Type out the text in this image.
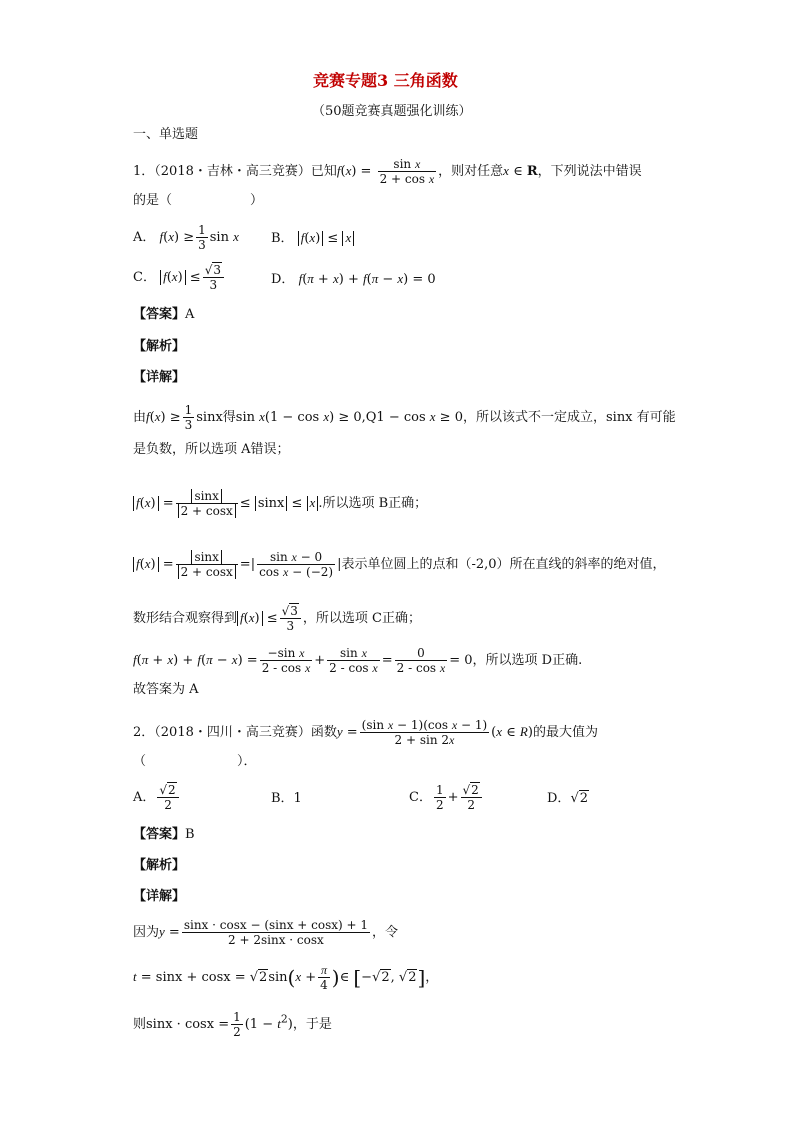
竞赛专题3 三角函数
（50题竞赛真题强化训练）
一、单选题
1．（2018・吉林・高三竞赛）已知$f(x) = \frac{\text{sin x}}{\text{2 + cos x}}$ ，则对任意x ∈ R，下列说法中错误
的是（　　　　　　）
A． $f(x) \ge \frac{1}{3}$ sin x B． f(x) ≤ x
C． $f(x) \le \frac{√3}{3}$	D． f(π + x) + f(π − x) = 0
【答案】A
【解析】
【详解】
由$f(x) \ge \frac{1}{3}$ sinx得sin x(1 − cos x) ≥ 0,Q1 − cos x ≥ 0，所以该式不一定成立，sinx 有可能
是负数，所以选项 A错误；
$f(x) = \frac{\sin x}{2 + \cos x} \le \sin x \le x$ .所以选项 B正确；
$f(x) = \frac{\sin x}{2 + \cos x}$ =| $\frac{\text{sin x − 0}}{\text{cos x − (−2)}}$ |表示单位圆上的点和（-2,0）所在直线的斜率的绝对值，
数形结合观察得到 $f(x) \le \frac{√3}{3}$ ，所以选项 C正确；
$f(\pi + x) + f(\pi - x) = \frac{\text{−sin x}}{\text{2 - cos x}} + \frac{\text{sin x}}{\text{2 - cos x}} = \frac{0}{\text{2 - cos x}} = 0$，所以选项 D正确.
故答案为 A
2．（2018・四川・高三竞赛）函数$y = \frac{\text{(sin x − 1)(cos x − 1)}}{2 + \sin 2x} (x$ ∈ R)的最大值为
（　　　　　　　）．
A． $\frac{√2}{2}$	B．1	C． $\frac{1}{2} + \frac{√2}{2}$	D．√2
【答案】B
【解析】
【详解】
因为$y = \frac{\sin x \cdot \cos x - (\sin x + \cos x) + 1}{2 + 2\sin x \cdot \cos x}$ ，令
$t = \sin x + \cos x = √2\sin(x + \frac{\pi}{4}$ )∈ [−√2, √2]，
则$\sin x \cdot \cos x = \frac{1}{2} (1 - t^2)$，于是
